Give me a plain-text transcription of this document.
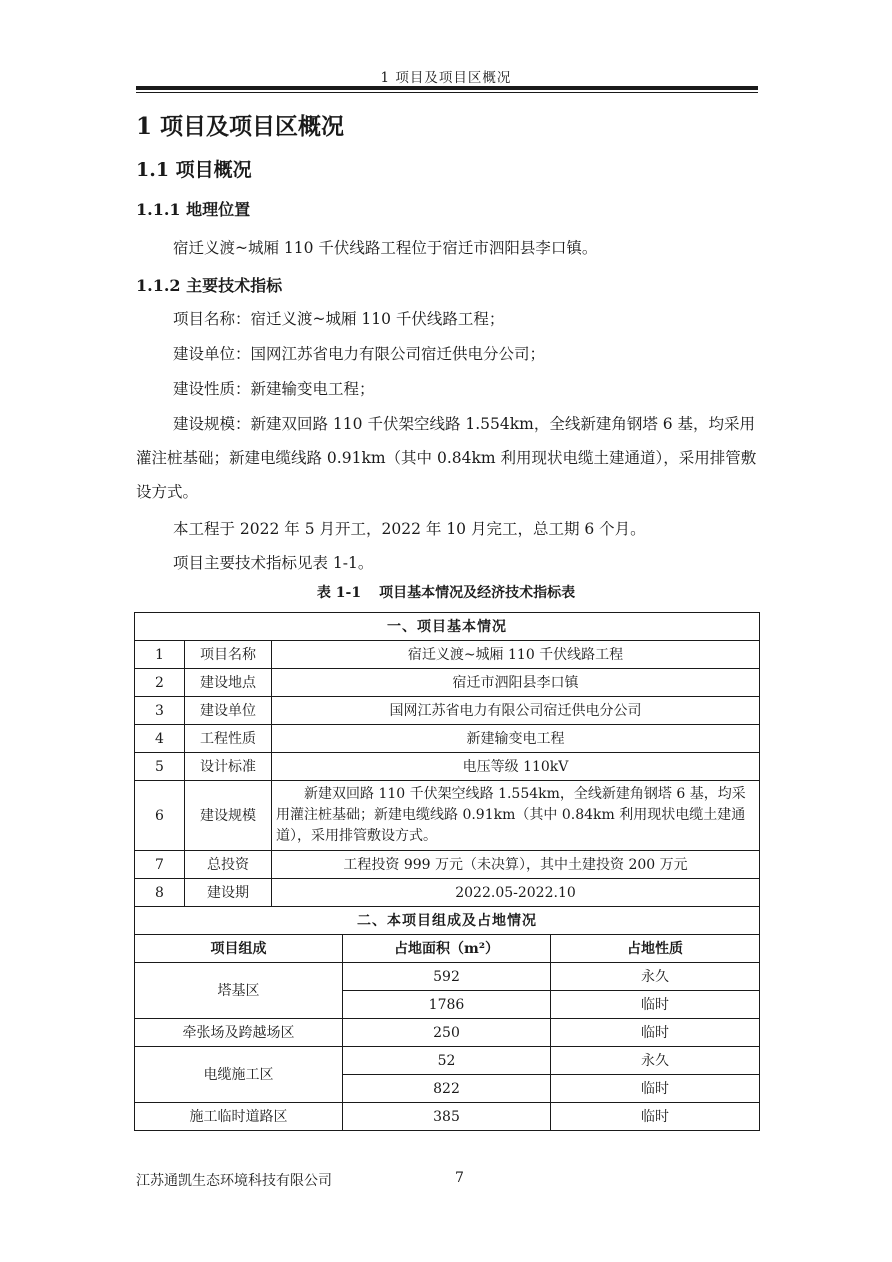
1 项目及项目区概况
1 项目及项目区概况
1.1 项目概况
1.1.1 地理位置
宿迁义渡~城厢 110 千伏线路工程位于宿迁市泗阳县李口镇。
1.1.2 主要技术指标
项目名称：宿迁义渡~城厢 110 千伏线路工程；
建设单位：国网江苏省电力有限公司宿迁供电分公司；
建设性质：新建输变电工程；
建设规模：新建双回路 110 千伏架空线路 1.554km，全线新建角钢塔 6 基，均采用灌注桩基础；新建电缆线路 0.91km（其中 0.84km 利用现状电缆土建通道），采用排管敷设方式。
本工程于 2022 年 5 月开工，2022 年 10 月完工，总工期 6 个月。
项目主要技术指标见表 1-1。
表 1-1 项目基本情况及经济技术指标表
一、项目基本情况				
1	项目名称	宿迁义渡~城厢 110 千伏线路工程		
2	建设地点	宿迁市泗阳县李口镇		
3	建设单位	国网江苏省电力有限公司宿迁供电分公司		
4	工程性质	新建输变电工程		
5	设计标准	电压等级 110kV		
6	建设规模	新建双回路 110 千伏架空线路 1.554km，全线新建角钢塔 6 基，均采用灌注桩基础；新建电缆线路 0.91km（其中 0.84km 利用现状电缆土建通道），采用排管敷设方式。		
7	总投资	工程投资 999 万元（未决算），其中土建投资 200 万元		
8	建设期	2022.05-2022.10		
二、本项目组成及占地情况				
项目组成			占地面积（m²）	占地性质
塔基区			592	永久
			1786	临时
牵张场及跨越场区			250	临时
电缆施工区			52	永久
			822	临时
施工临时道路区			385	临时
江苏通凯生态环境科技有限公司	7
